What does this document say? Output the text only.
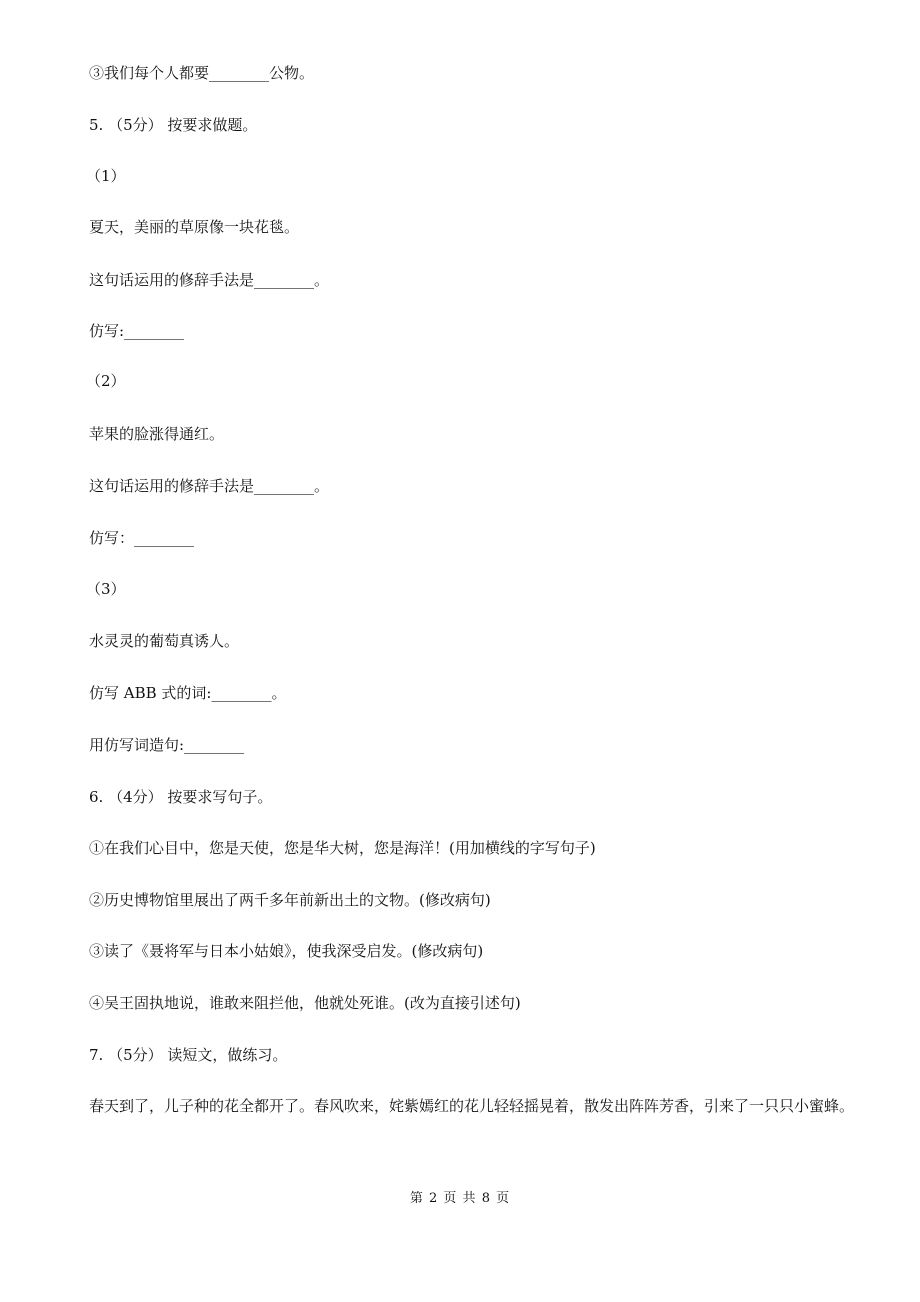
③我们每个人都要________公物。
5. （5分） 按要求做题。
（1）
夏天，美丽的草原像一块花毯。
这句话运用的修辞手法是________。
仿写:________
（2）
苹果的脸涨得通红。
这句话运用的修辞手法是________。
仿写：________
（3）
水灵灵的葡萄真诱人。
仿写 ABB 式的词:________。
用仿写词造句:________
6. （4分） 按要求写句子。
①在我们心目中，您是天使，您是华大树，您是海洋！(用加横线的字写句子)
②历史博物馆里展出了两千多年前新出土的文物。(修改病句)
③读了《聂将军与日本小姑娘》，使我深受启发。(修改病句)
④吴王固执地说，谁敢来阻拦他，他就处死谁。(改为直接引述句)
7. （5分） 读短文，做练习。
春天到了，儿子种的花全都开了。春风吹来，姹紫嫣红的花儿轻轻摇晃着，散发出阵阵芳香，引来了一只只小蜜蜂。
第 2 页 共 8 页
